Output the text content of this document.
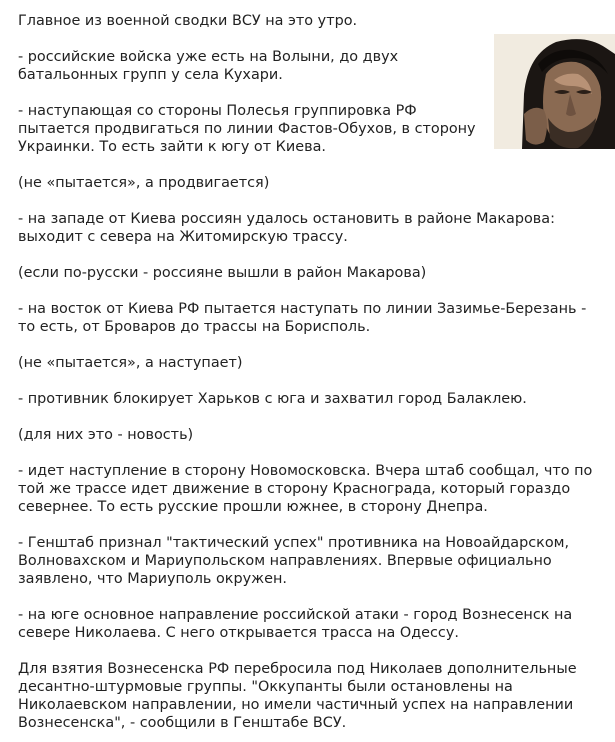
Главное из военной сводки ВСУ на это утро.

- российские войска уже есть на Волыни, до двух батальонных групп у села Кухари.

- наступающая со стороны Полесья группировка РФ пытается продвигаться по линии Фастов-Обухов, в сторону Украинки. То есть зайти к югу от Киева.

(не «пытается», а продвигается)

- на западе от Киева россиян удалось остановить в районе Макарова: выходит с севера на Житомирскую трассу.

(если по-русски - россияне вышли в район Макарова)

- на восток от Киева РФ пытается наступать по линии Зазимье-Березань - то есть, от Броваров до трассы на Борисполь.

(не «пытается», а наступает)

- противник блокирует Харьков с юга и захватил город Балаклею.

(для них это - новость)

- идет наступление в сторону Новомосковска. Вчера штаб сообщал, что по той же трассе идет движение в сторону Краснограда, который гораздо севернее. То есть русские прошли южнее, в сторону Днепра.

- Генштаб признал "тактический успех" противника на Новоайдарском, Волновахском и Мариупольском направлениях. Впервые официально заявлено, что Мариуполь окружен.

- на юге основное направление российской атаки - город Вознесенск на севере Николаева. С него открывается трасса на Одессу.

Для взятия Вознесенска РФ перебросила под Николаев дополнительные десантно-штурмовые группы. "Оккупанты были остановлены на Николаевском направлении, но имели частичный успех на направлении Вознесенска", - сообщили в Генштабе ВСУ.
